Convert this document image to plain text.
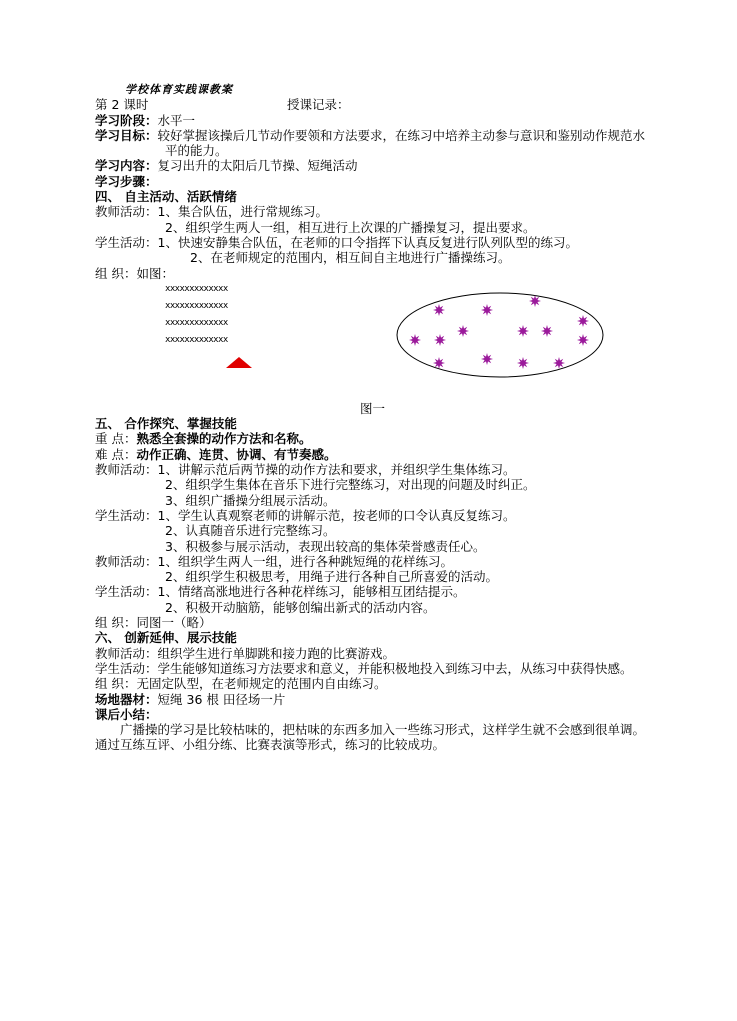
学校体育实践课教案
第 2 课时	授课记录：
学习阶段：水平一
学习目标：较好掌握该操后几节动作要领和方法要求，在练习中培养主动参与意识和鉴别动作规范水平的能力。
学习内容：复习出升的太阳后几节操、短绳活动
学习步骤：
四、 自主活动、活跃情绪
教师活动：1、集合队伍，进行常规练习。
2、组织学生两人一组，相互进行上次课的广播操复习，提出要求。
学生活动：1、快速安静集合队伍，在老师的口令指挥下认真反复进行队列队型的练习。
2、在老师规定的范围内，相互间自主地进行广播操练习。
组 织：如图：
xxxxxxxxxxxxx
xxxxxxxxxxxxx
xxxxxxxxxxxxx
xxxxxxxxxxxxx
图一
五、 合作探究、掌握技能
重 点：熟悉全套操的动作方法和名称。
难 点：动作正确、连贯、协调、有节奏感。
教师活动：1、讲解示范后两节操的动作方法和要求，并组织学生集体练习。
2、组织学生集体在音乐下进行完整练习，对出现的问题及时纠正。
3、组织广播操分组展示活动。
学生活动：1、学生认真观察老师的讲解示范，按老师的口令认真反复练习。
2、认真随音乐进行完整练习。
3、积极参与展示活动，表现出较高的集体荣誉感责任心。
教师活动：1、组织学生两人一组，进行各种跳短绳的花样练习。
2、组织学生积极思考，用绳子进行各种自己所喜爱的活动。
学生活动：1、情绪高涨地进行各种花样练习，能够相互团结提示。
2、积极开动脑筋，能够创编出新式的活动内容。
组 织：同图一（略）
六、 创新延伸、展示技能
教师活动：组织学生进行单脚跳和接力跑的比赛游戏。
学生活动：学生能够知道练习方法要求和意义，并能积极地投入到练习中去，从练习中获得快感。
组 织：无固定队型，在老师规定的范围内自由练习。
场地器材：短绳 36 根 田径场一片
课后小结：
广播操的学习是比较枯味的，把枯味的东西多加入一些练习形式，这样学生就不会感到很单调。通过互练互评、小组分练、比赛表演等形式，练习的比较成功。
